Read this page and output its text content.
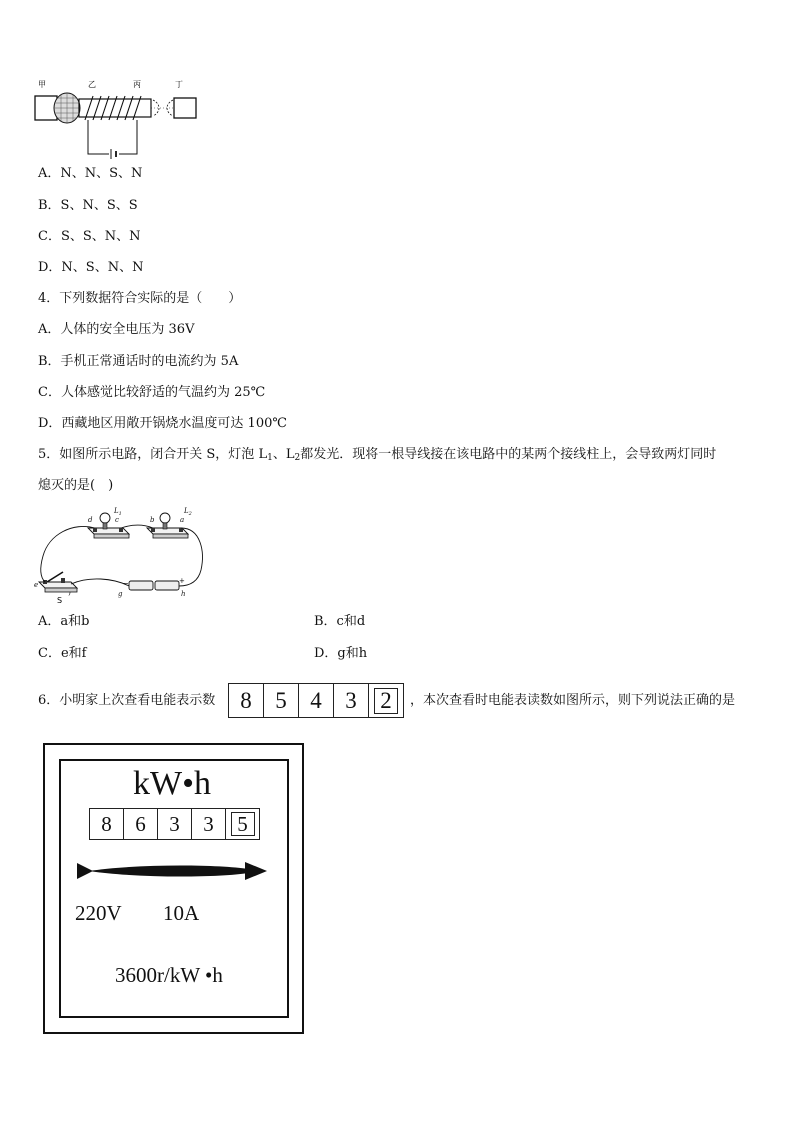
甲	乙	丙	丁
A．N、N、S、N
B．S、N、S、S
C．S、S、N、N
D．N、S、N、N
4．下列数据符合实际的是（　　）
A．人体的安全电压为 36V
B．手机正常通话时的电流约为 5A
C．人体感觉比较舒适的气温约为 25℃
D．西藏地区用敞开锅烧水温度可达 100℃
5．如图所示电路，闭合开关 S，灯泡 $L_1$、$L_2$都发光．现将一根导线接在该电路中的某两个接线柱上，会导致两灯同时
熄灭的是(　)
$L_1$	$L_2$
d	c	b	a
e
g	h
S
−	+
A．a和b	B．c和d
C．e和f	D．g和h
6．小明家上次查看电能表示数	8	5	4	3	2	，本次查看时电能表读数如图所示，则下列说法正确的是
kW•h
8	6	3	3	5
220V 10A
3600r/kW •h
